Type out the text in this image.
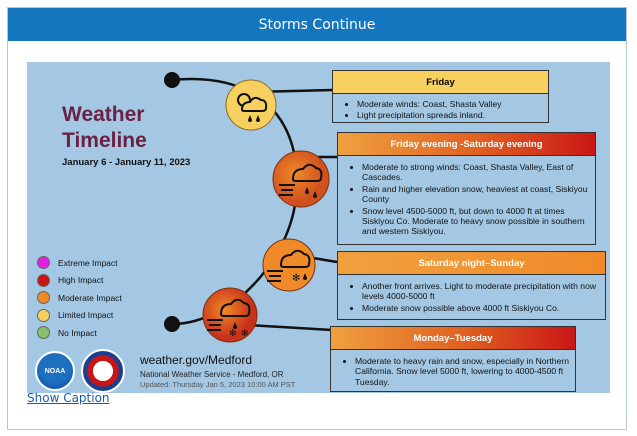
Storms Continue
✻
✻ ✻
Weather
Timeline
January 6 - January 11, 2023
Extreme Impact
High Impact
Moderate Impact
Limited Impact
No Impact
Friday
• Moderate winds: Coast, Shasta Valley
• Light precipitation spreads inland.
Friday evening -Saturday evening
• Moderate to strong winds: Coast, Shasta Valley, East of Cascades.
• Rain and higher elevation snow, heaviest at coast, Siskiyou County
• Snow level 4500-5000 ft, but down to 4000 ft at times Siskiyou Co. Moderate to heavy snow possible in southern and western Siskiyou.
Saturday night–Sunday
• Another front arrives. Light to moderate precipitation with now levels 4000-5000 ft
• Moderate snow possible above 4000 ft Siskiyou Co.
Monday–Tuesday
• Moderate to heavy rain and snow, especially in Northern California. Snow level 5000 ft, lowering to 4000-4500 ft Tuesday.
NOAA
weather.gov/Medford
National Weather Service - Medford, OR
Updated: Thursday Jan 5, 2023 10:00 AM PST
Show Caption
